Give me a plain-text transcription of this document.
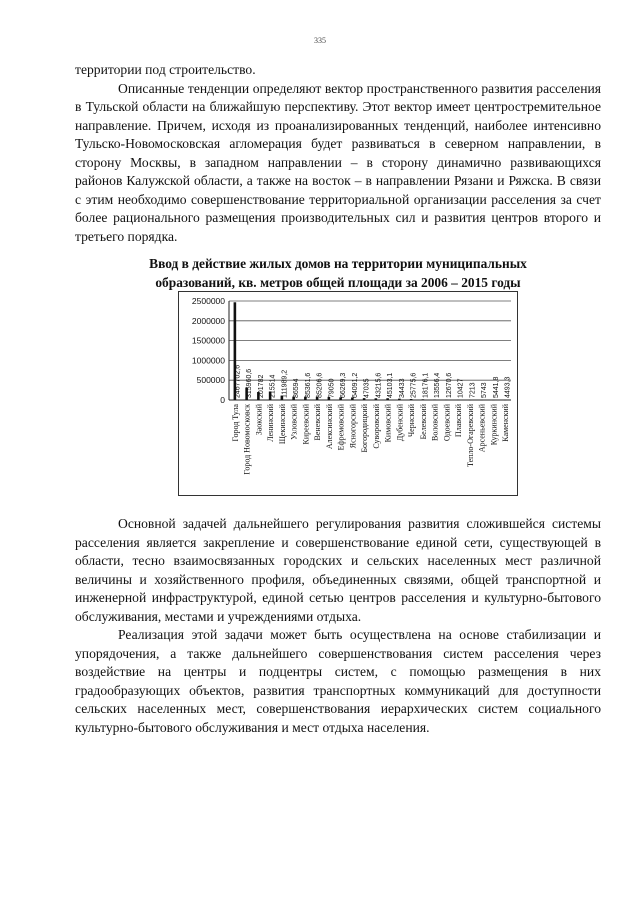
335

территории под строительство.

Описанные тенденции определяют вектор пространственного развития расселения в Тульской области на ближайшую перспективу. Этот вектор имеет центростремительное направление. Причем, исходя из проанализированных тенденций, наиболее интенсивно Тульско-Новомосковская агломерация будет развиваться в северном направлении, в сторону Москвы, в западном направлении – в сторону динамично развивающихся районов Калужской области, а также на восток – в направлении Рязани и Ряжска. В связи с этим необходимо совершенствование территориальной организации расселения за счет более рационального размещения производительных сил и развития центров второго и третьего порядка.

Ввод в действие жилых домов на территории муниципальных
образований, кв. метров общей площади за 2006 – 2015 годы
0
500000
1000000
1500000
2000000
2500000
2467702,6
Город Тула
315960,6
Город Новомосковск
201782
Заокский
215514
Ленинский
111989,2
Щекинский
86594
Узловский
85361,6
Киреевский
85206,6
Веневский
79050
Алексинский
66269,3
Ефремовский
64091,2
Ясногорский
47035
Богородицкий
43215,6
Суворовский
45103,1
Кимовский
34433
Дубенский
25775,6
Чернский
18176,1
Белевский
13556,4
Воловский
12670,6
Одоевский
10427
Плавский
7213
Тепло-Огаревский
5743
Арсеньевский
5441,8
Куркинский
4493,3
Каменский

Основной задачей дальнейшего регулирования развития сложившейся системы расселения является закрепление и совершенствование единой сети, существующей в области, тесно взаимосвязанных городских и сельских населенных мест различной величины и хозяйственного профиля, объединенных связями, общей транспортной и инженерной инфраструктурой, единой сетью центров расселения и культурно-бытового обслуживания, местами и учреждениями отдыха.

Реализация этой задачи может быть осуществлена на основе стабилизации и упорядочения, а также дальнейшего совершенствования систем расселения через воздействие на центры и подцентры систем, с помощью размещения в них градообразующих объектов, развития транспортных коммуникаций для доступности сельских населенных мест, совершенствования иерархических систем социального культурно-бытового обслуживания и мест отдыха населения.
